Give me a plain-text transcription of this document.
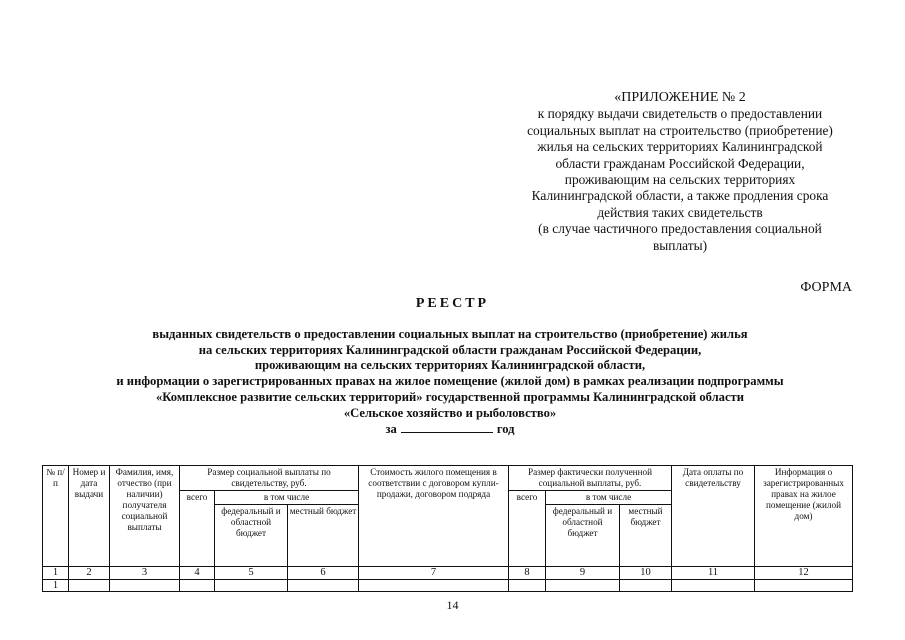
«ПРИЛОЖЕНИЕ № 2
к порядку выдачи свидетельств о предоставлении
социальных выплат на строительство (приобретение)
жилья на сельских территориях Калининградской
области гражданам Российской Федерации,
проживающим на сельских территориях
Калининградской области, а также продления срока
действия таких свидетельств
(в случае частичного предоставления социальной
выплаты)
ФОРМА
РЕЕСТР
выданных свидетельств о предоставлении социальных выплат на строительство (приобретение) жилья
на сельских территориях Калининградской области гражданам Российской Федерации,
проживающим на сельских территориях Калининградской области,
и информации о зарегистрированных правах на жилое помещение (жилой дом) в рамках реализации подпрограммы
«Комплексное развитие сельских территорий» государственной программы Калининградской области
«Сельское хозяйство и рыболовство»
за	год
№ п/п	Номер и дата выдачи	Фамилия, имя, отчество (при наличии) получателя социальной выплаты	Размер социальной выплаты по свидетельству, руб.			Стоимость жилого помещения в соответствии с договором купли-продажи, договором подряда	Размер фактически полученной социальной выплаты, руб.			Дата оплаты по свидетельству	Информация о зарегистрированных правах на жилое помещение (жилой дом)
			всего	в том числе			всего	в том числе			
				федеральный и областной бюджет	местный бюджет			федеральный и областной бюджет	местный бюджет		
1	2	3	4	5	6	7	8	9	10	11	12
1											
14
